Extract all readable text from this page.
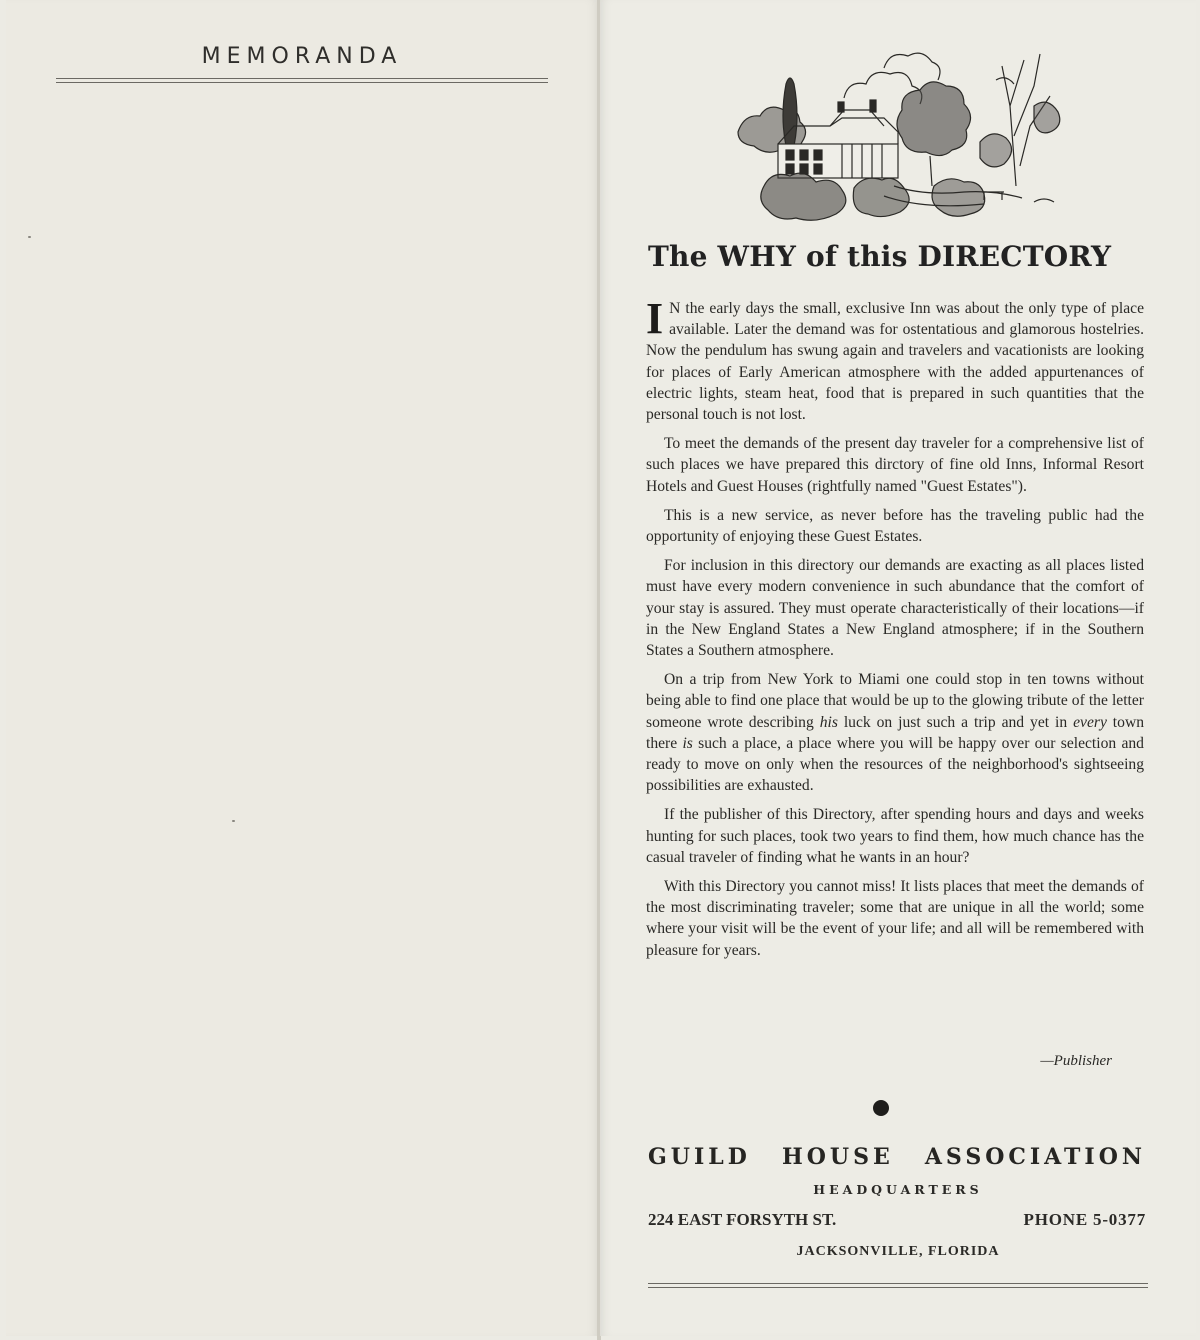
MEMORANDA
The WHY of this DIRECTORY

I N the early days the small, exclusive Inn was about the only type of place available. Later the demand was for ostentatious and glamorous hostelries. Now the pendulum has swung again and travelers and vacationists are looking for places of Early American atmosphere with the added appurtenances of electric lights, steam heat, food that is prepared in such quantities that the personal touch is not lost.

To meet the demands of the present day traveler for a comprehensive list of such places we have prepared this dirctory of fine old Inns, Informal Resort Hotels and Guest Houses (rightfully named "Guest Estates").

This is a new service, as never before has the traveling public had the opportunity of enjoying these Guest Estates.

For inclusion in this directory our demands are exacting as all places listed must have every modern convenience in such abundance that the comfort of your stay is assured. They must operate characteristically of their locations—if in the New England States a New England atmosphere; if in the Southern States a Southern atmosphere.

On a trip from New York to Miami one could stop in ten towns without being able to find one place that would be up to the glowing tribute of the letter someone wrote describing his luck on just such a trip and yet in every town there is such a place, a place where you will be happy over our selection and ready to move on only when the resources of the neighborhood's sightseeing possibilities are exhausted.

If the publisher of this Directory, after spending hours and days and weeks hunting for such places, took two years to find them, how much chance has the casual traveler of finding what he wants in an hour?

With this Directory you cannot miss! It lists places that meet the demands of the most discriminating traveler; some that are unique in all the world; some where your visit will be the event of your life; and all will be remembered with pleasure for years.

—Publisher
GUILD HOUSE ASSOCIATION
HEADQUARTERS
224 EAST FORSYTH ST.	PHONE 5-0377
JACKSONVILLE, FLORIDA
